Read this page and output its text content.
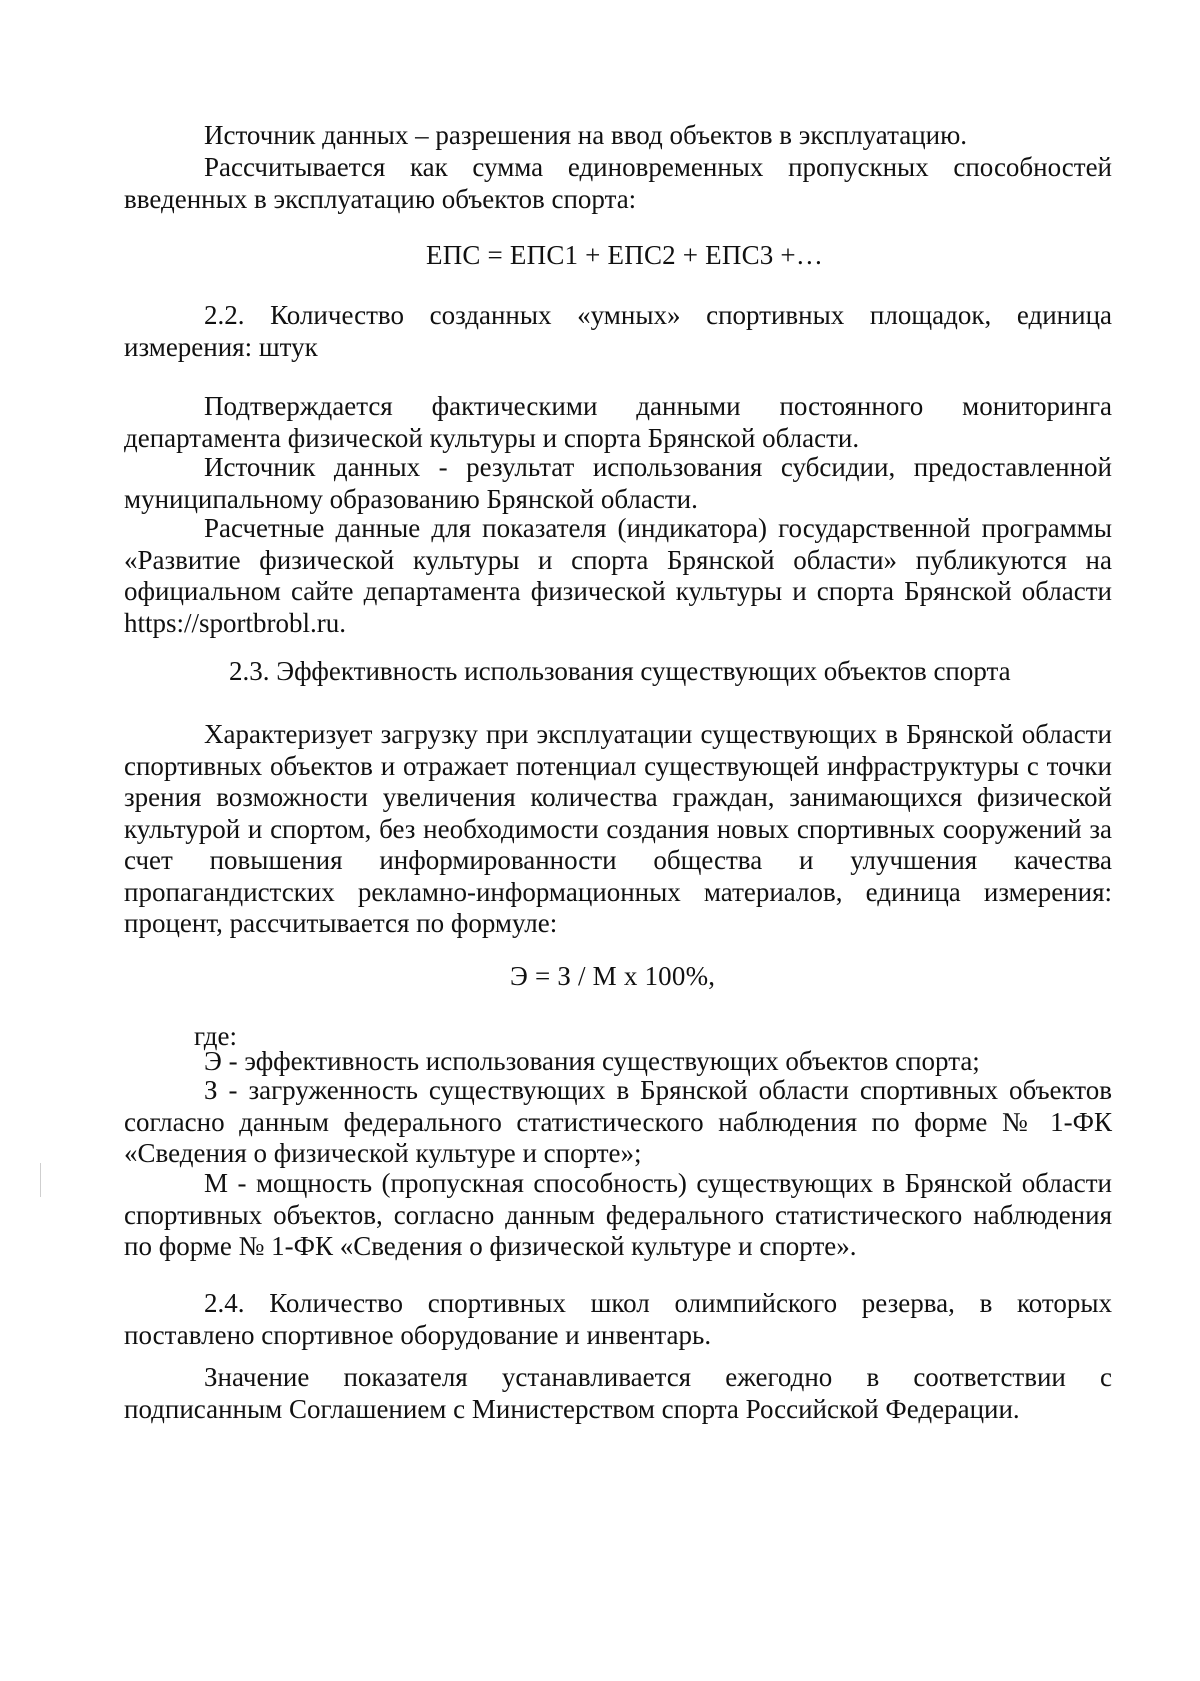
Источник данных – разрешения на ввод объектов в эксплуатацию.

Рассчитывается как сумма единовременных пропускных способностей введенных в эксплуатацию объектов спорта:

ЕПС = ЕПС1 + ЕПС2 + ЕПС3 +…

2.2. Количество созданных «умных» спортивных площадок, единица измерения: штук

Подтверждается фактическими данными постоянного мониторинга департамента физической культуры и спорта Брянской области.

Источник данных - результат использования субсидии, предоставленной муниципальному образованию Брянской области.

Расчетные данные для показателя (индикатора) государственной программы «Развитие физической культуры и спорта Брянской области» публикуются на официальном сайте департамента физической культуры и спорта Брянской области https://sportbrobl.ru.

2.3. Эффективность использования существующих объектов спорта

Характеризует загрузку при эксплуатации существующих в Брянской области спортивных объектов и отражает потенциал существующей инфраструктуры с точки зрения возможности увеличения количества граждан, занимающихся физической культурой и спортом, без необходимости создания новых спортивных сооружений за счет повышения информированности общества и улучшения качества пропагандистских рекламно-информационных материалов, единица измерения: процент, рассчитывается по формуле:

Э = З / М х 100%,

где:

Э - эффективность использования существующих объектов спорта;

З - загруженность существующих в Брянской области спортивных объектов согласно данным федерального статистического наблюдения по форме № 1-ФК «Сведения о физической культуре и спорте»;

М - мощность (пропускная способность) существующих в Брянской области спортивных объектов, согласно данным федерального статистического наблюдения по форме № 1-ФК «Сведения о физической культуре и спорте».

2.4. Количество спортивных школ олимпийского резерва, в которых поставлено спортивное оборудование и инвентарь.

Значение показателя устанавливается ежегодно в соответствии с подписанным Соглашением с Министерством спорта Российской Федерации.
